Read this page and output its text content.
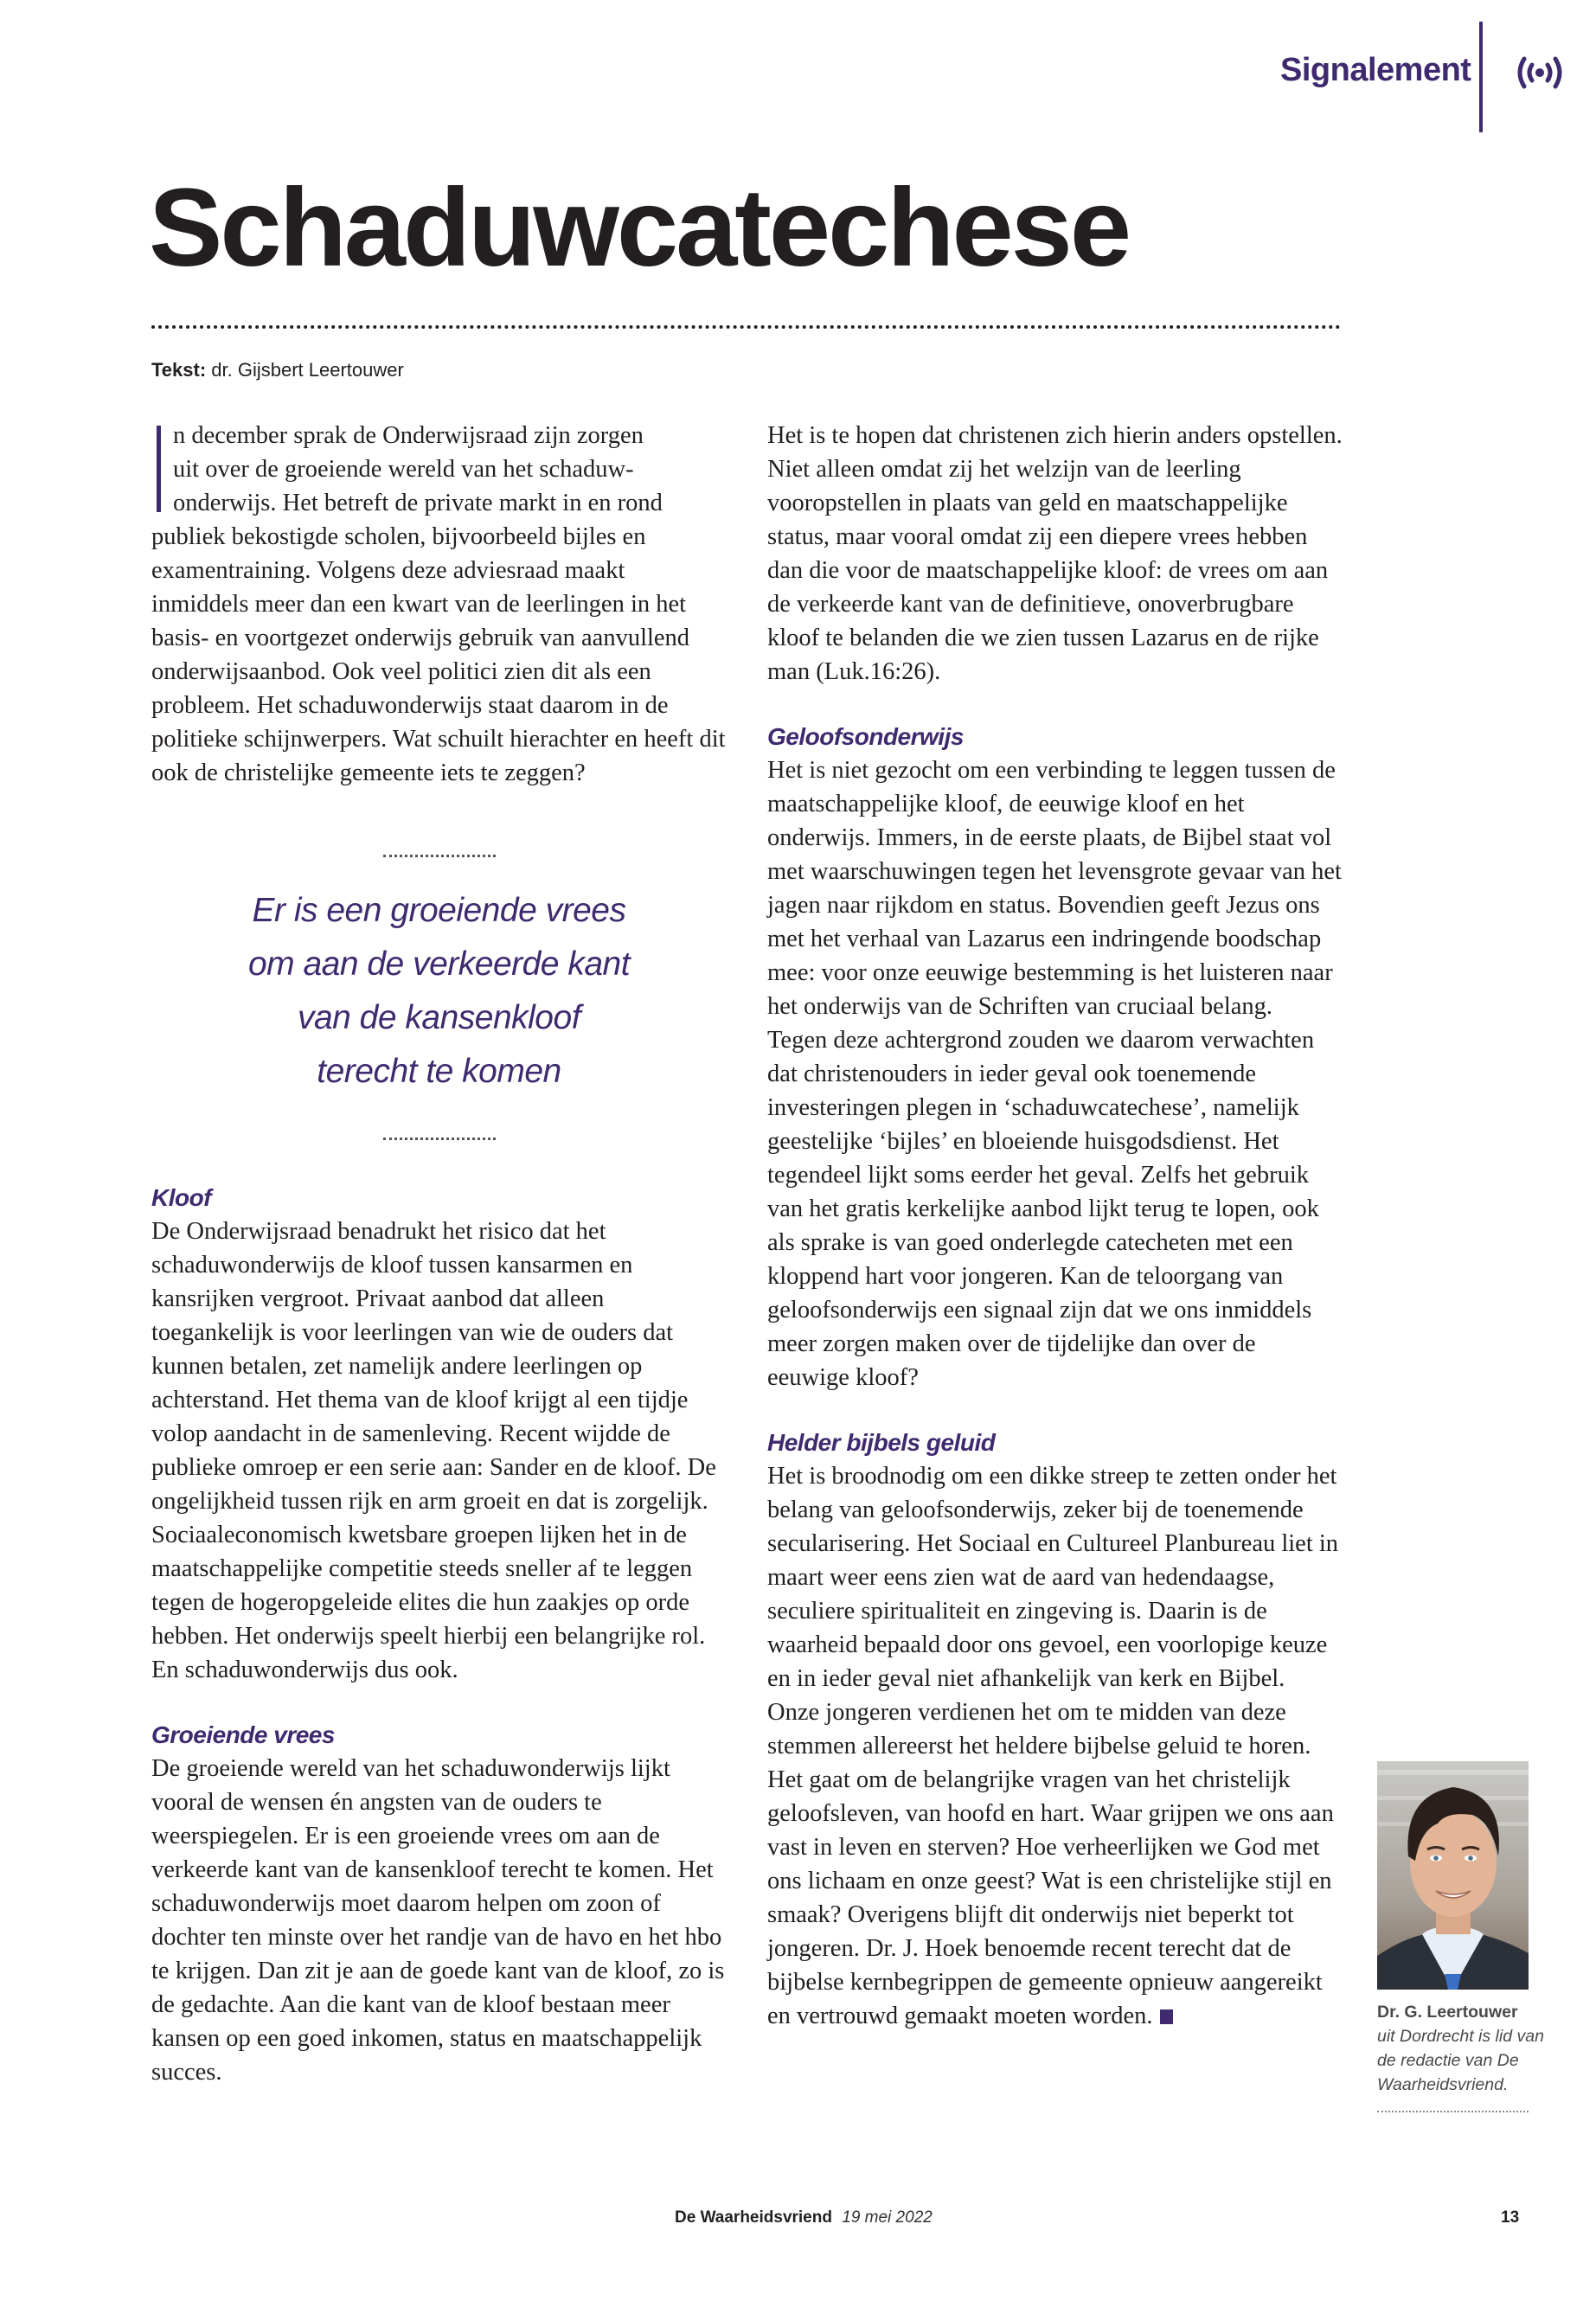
Signalement
Schaduwcatechese
Tekst: dr. Gijsbert Leertouwer
n december sprak de Onderwijsraad zijn zorgen
uit over de groeiende wereld van het schaduw-
onderwijs. Het betreft de private markt in en rond

publiek bekostigde scholen, bijvoorbeeld bijles en examentraining. Volgens deze adviesraad maakt inmiddels meer dan een kwart van de leerlingen in het basis- en voortgezet onderwijs gebruik van aanvullend onderwijsaanbod. Ook veel politici zien dit als een probleem. Het schaduwonderwijs staat daarom in de politieke schijnwerpers. Wat schuilt hierachter en heeft dit ook de christelijke gemeente iets te zeggen?

Er is een groeiende vrees
om aan de verkeerde kant
van de kansenkloof
terecht te komen
Kloof

De Onderwijsraad benadrukt het risico dat het schaduwonderwijs de kloof tussen kansarmen en kansrijken vergroot. Privaat aanbod dat alleen toegankelijk is voor leerlingen van wie de ouders dat kunnen betalen, zet namelijk andere leerlingen op achterstand. Het thema van de kloof krijgt al een tijdje volop aandacht in de samenleving. Recent wijdde de publieke omroep er een serie aan: Sander en de kloof. De ongelijkheid tussen rijk en arm groeit en dat is zorgelijk. Sociaaleconomisch kwetsbare groepen lijken het in de maatschappelijke competitie steeds sneller af te leggen tegen de hogeropgeleide elites die hun zaakjes op orde hebben. Het onderwijs speelt hierbij een belangrijke rol. En schaduwonderwijs dus ook.

Groeiende vrees

De groeiende wereld van het schaduwonderwijs lijkt vooral de wensen én angsten van de ouders te weerspiegelen. Er is een groeiende vrees om aan de verkeerde kant van de kansenkloof terecht te komen. Het schaduwonderwijs moet daarom helpen om zoon of dochter ten minste over het randje van de havo en het hbo te krijgen. Dan zit je aan de goede kant van de kloof, zo is de gedachte. Aan die kant van de kloof bestaan meer kansen op een goed inkomen, status en maatschappelijk succes.

Het is te hopen dat christenen zich hierin anders opstellen. Niet alleen omdat zij het welzijn van de leerling vooropstellen in plaats van geld en maatschappelijke status, maar vooral omdat zij een diepere vrees hebben dan die voor de maatschappelijke kloof: de vrees om aan de verkeerde kant van de definitieve, onoverbrugbare kloof te belanden die we zien tussen Lazarus en de rijke man (Luk.16:26).

Geloofsonderwijs

Het is niet gezocht om een verbinding te leggen tussen de maatschappelijke kloof, de eeuwige kloof en het onderwijs. Immers, in de eerste plaats, de Bijbel staat vol met waarschuwingen tegen het levensgrote gevaar van het jagen naar rijkdom en status. Bovendien geeft Jezus ons met het verhaal van Lazarus een indringende boodschap mee: voor onze eeuwige bestemming is het luisteren naar het onderwijs van de Schriften van cruciaal belang.

Tegen deze achtergrond zouden we daarom verwachten dat christenouders in ieder geval ook toenemende investeringen plegen in ‘schaduwcatechese’, namelijk geestelijke ‘bijles’ en bloeiende huisgodsdienst. Het tegendeel lijkt soms eerder het geval. Zelfs het gebruik van het gratis kerkelijke aanbod lijkt terug te lopen, ook als sprake is van goed onderlegde catecheten met een kloppend hart voor jongeren. Kan de teloorgang van geloofsonderwijs een signaal zijn dat we ons inmiddels meer zorgen maken over de tijdelijke dan over de eeuwige kloof?

Helder bijbels geluid

Het is broodnodig om een dikke streep te zetten onder het belang van geloofsonderwijs, zeker bij de toenemende secularisering. Het Sociaal en Cultureel Planbureau liet in maart weer eens zien wat de aard van hedendaagse, seculiere spiritualiteit en zingeving is. Daarin is de waarheid bepaald door ons gevoel, een voorlopige keuze en in ieder geval niet afhankelijk van kerk en Bijbel.

Onze jongeren verdienen het om te midden van deze stemmen allereerst het heldere bijbelse geluid te horen. Het gaat om de belangrijke vragen van het christelijk geloofsleven, van hoofd en hart. Waar grijpen we ons aan vast in leven en sterven? Hoe verheerlijken we God met ons lichaam en onze geest? Wat is een christelijke stijl en smaak? Overigens blijft dit onderwijs niet beperkt tot jongeren. Dr. J. Hoek benoemde recent terecht dat de bijbelse kernbegrippen de gemeente opnieuw aangereikt en vertrouwd gemaakt moeten worden.	Dr. G. Leertouwer
uit Dordrecht is lid van de redactie van De Waarheidsvriend.
De Waarheidsvriend 19 mei 2022	13
